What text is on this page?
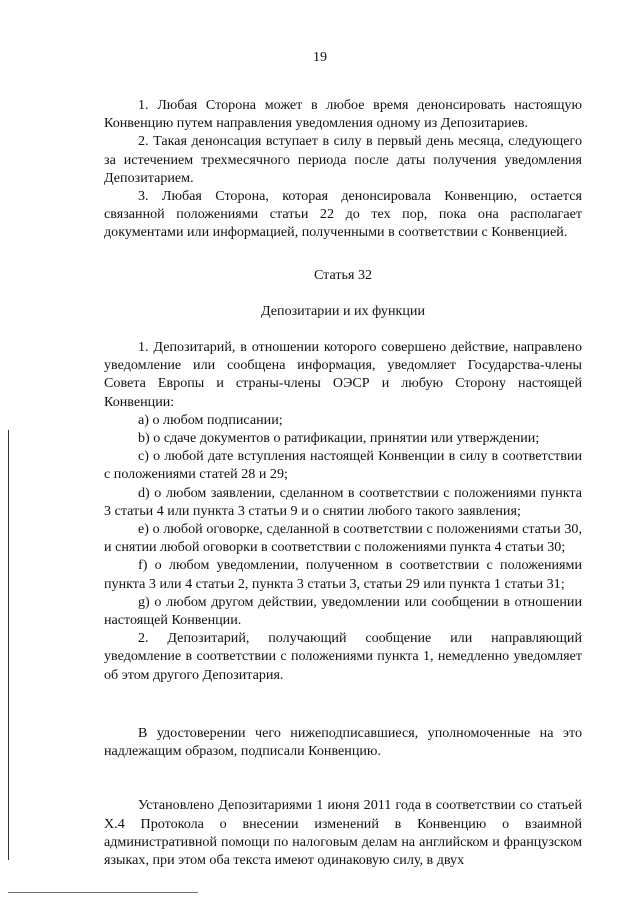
19

1. Любая Сторона может в любое время денонсировать настоящую Конвенцию путем направления уведомления одному из Депозитариев.

2. Такая денонсация вступает в силу в первый день месяца, следующего за истечением трехмесячного периода после даты получения уведомления Депозитарием.

3. Любая Сторона, которая денонсировала Конвенцию, остается связанной положениями статьи 22 до тех пор, пока она располагает документами или информацией, полученными в соответствии с Конвенцией.

Статья 32

Депозитарии и их функции

1. Депозитарий, в отношении которого совершено действие, направлено уведомление или сообщена информация, уведомляет Государства-члены Совета Европы и страны-члены ОЭСР и любую Сторону настоящей Конвенции:

a) о любом подписании;

b) о сдаче документов о ратификации, принятии или утверждении;

c) о любой дате вступления настоящей Конвенции в силу в соответствии с положениями статей 28 и 29;

d) о любом заявлении, сделанном в соответствии с положениями пункта 3 статьи 4 или пункта 3 статьи 9 и о снятии любого такого заявления;

e) о любой оговорке, сделанной в соответствии с положениями статьи 30, и снятии любой оговорки в соответствии с положениями пункта 4 статьи 30;

f) о любом уведомлении, полученном в соответствии с положениями пункта 3 или 4 статьи 2, пункта 3 статьи 3, статьи 29 или пункта 1 статьи 31;

g) о любом другом действии, уведомлении или сообщении в отношении настоящей Конвенции.

2. Депозитарий, получающий сообщение или направляющий уведомление в соответствии с положениями пункта 1, немедленно уведомляет об этом другого Депозитария.

В удостоверении чего нижеподписавшиеся, уполномоченные на это надлежащим образом, подписали Конвенцию.

Установлено Депозитариями 1 июня 2011 года в соответствии со статьей X.4 Протокола о внесении изменений в Конвенцию о взаимной административной помощи по налоговым делам на английском и французском языках, при этом оба текста имеют одинаковую силу, в двух
